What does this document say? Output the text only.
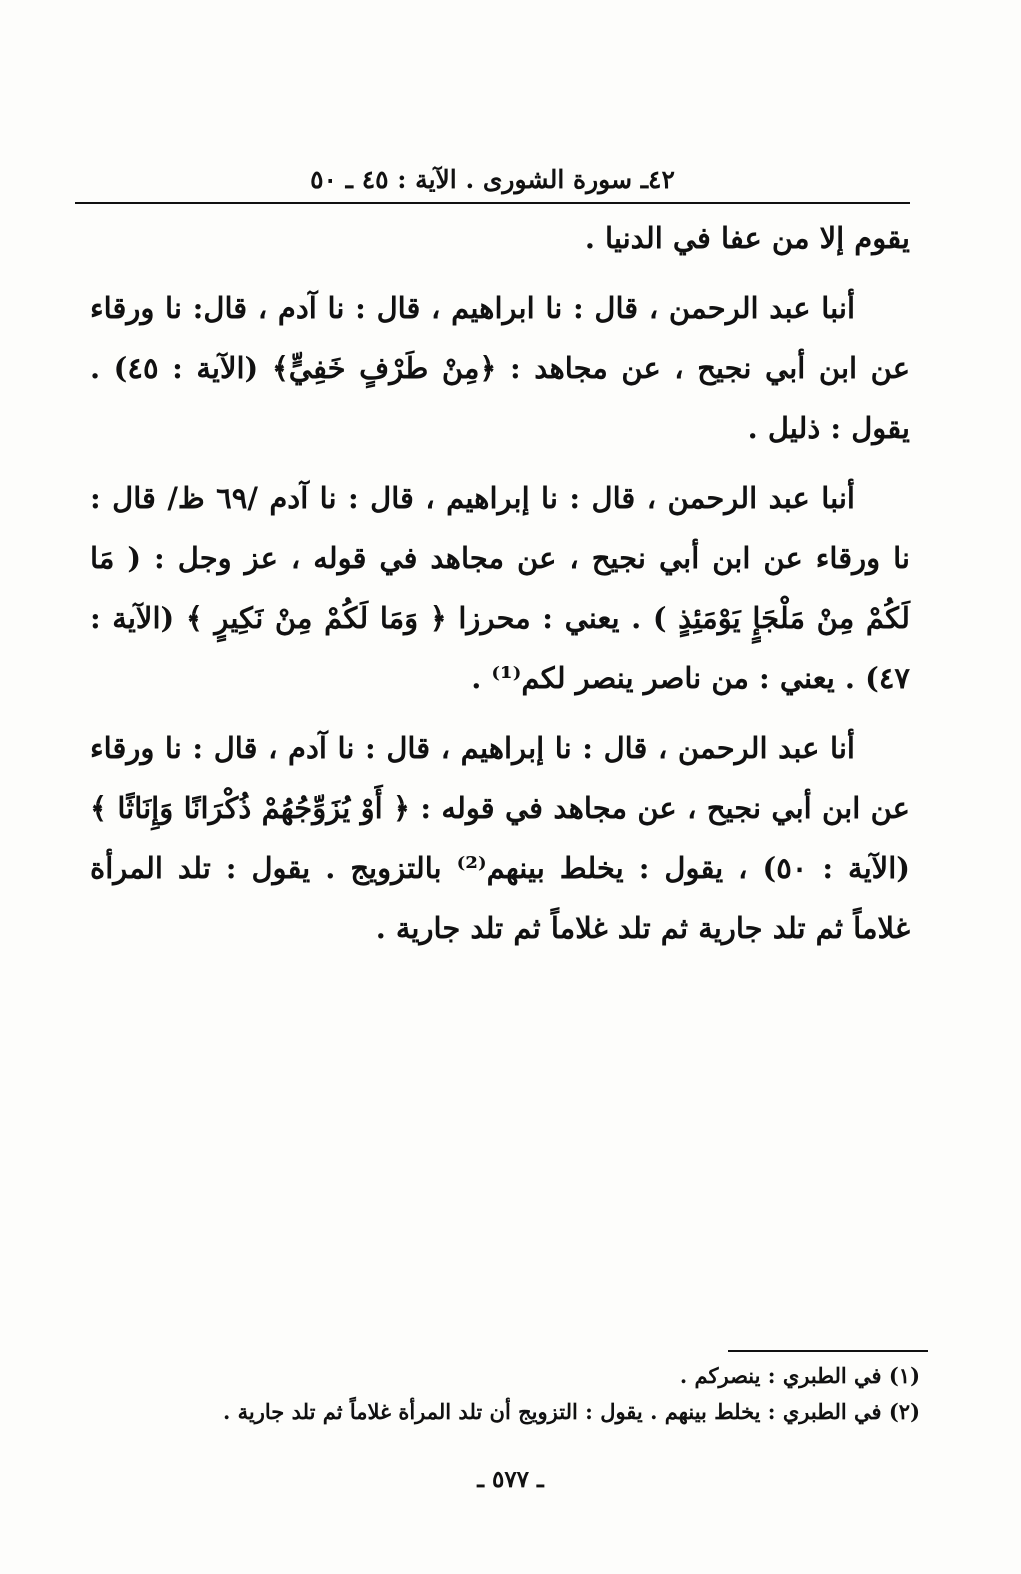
٤٢ـ سورة الشورى . الآية : ٤٥ ـ ٥٠

يقوم إلا من عفا في الدنيا .

أنبا عبد الرحمن ، قال : نا ابراهيم ، قال : نا آدم ، قال: نا ورقاء عن ابن أبي نجيح ، عن مجاهد : ﴿مِنْ طَرْفٍ خَفِيٍّ﴾ (الآية : ٤٥) . يقول : ذليل .

أنبا عبد الرحمن ، قال : نا إبراهيم ، قال : نا آدم /٦٩ ظ/ قال : نا ورقاء عن ابن أبي نجيح ، عن مجاهد في قوله ، عز وجل : ( مَا لَكُمْ مِنْ مَلْجَإٍ يَوْمَئِذٍ ) . يعني : محرزا ﴿ وَمَا لَكُمْ مِنْ نَكِيرٍ ﴾ (الآية : ٤٧) . يعني : من ناصر ينصر لكم⁽¹⁾ .

أنا عبد الرحمن ، قال : نا إبراهيم ، قال : نا آدم ، قال : نا ورقاء عن ابن أبي نجيح ، عن مجاهد في قوله : ﴿ أَوْ يُزَوِّجُهُمْ ذُكْرَانًا وَإِنَاثًا ﴾ (الآية : ٥٠) ، يقول : يخلط بينهم⁽²⁾ بالتزويج . يقول : تلد المرأة غلاماً ثم تلد جارية ثم تلد غلاماً ثم تلد جارية .

(١) في الطبري : ينصركم .
(٢) في الطبري : يخلط بينهم . يقول : التزويج أن تلد المرأة غلاماً ثم تلد جارية .
ـ ٥٧٧ ـ
